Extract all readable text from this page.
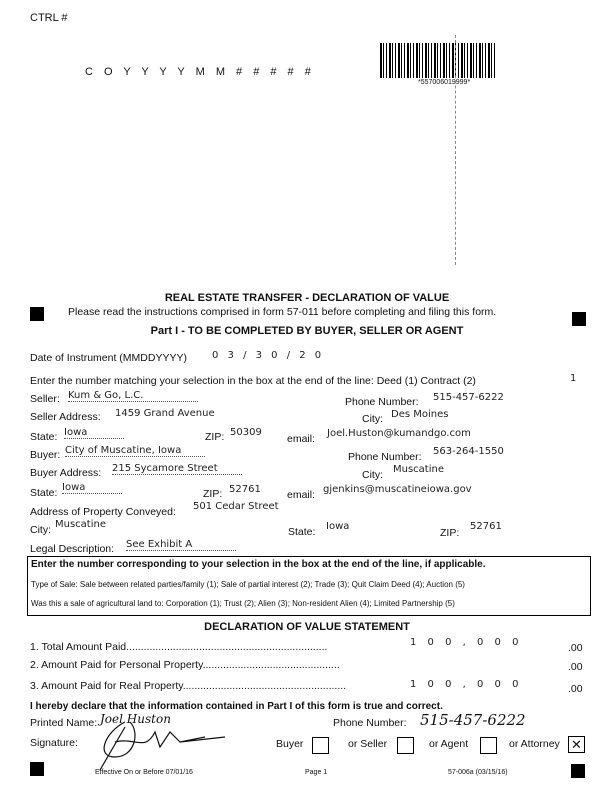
CTRL #
C O Y Y Y Y M M # # # # #
*557006019999*
REAL ESTATE TRANSFER - DECLARATION OF VALUE
Please read the instructions comprised in form 57-011 before completing and filing this form.
Part I - TO BE COMPLETED BY BUYER, SELLER OR AGENT
Date of Instrument (MMDDYYYY)	0 3 / 3 0 / 2 0
Enter the number matching your selection in the box at the end of the line: Deed (1) Contract (2)	1
Seller: Kum & Go, L.C.
Phone Number: 515-457-6222
Seller Address: 1459 Grand Avenue	City: Des Moines
State: Iowa	ZIP: 50309
email: Joel.Huston@kumandgo.com
Buyer: City of Muscatine, Iowa
Phone Number: 563-264-1550
Buyer Address: 215 Sycamore Street
City: Muscatine
State: Iowa
ZIP: 52761 email: gjenkins@muscatineiowa.gov
Address of Property Conveyed: 501 Cedar Street
City: Muscatine
State: Iowa
ZIP:
52761
Legal Description: See Exhibit A
Enter the number corresponding to your selection in the box at the end of the line, if applicable.
Type of Sale: Sale between related parties/family (1); Sale of partial interest (2); Trade (3); Quit Claim Deed (4); Auction (5)
Was this a sale of agricultural land to: Corporation (1); Trust (2); Alien (3); Non-resident Alien (4); Limited Partnership (5)
DECLARATION OF VALUE STATEMENT
1. Total Amount Paid.....................................................................	1 0 0 , 0 0 0	.00
2. Amount Paid for Personal Property...............................................	.00
3. Amount Paid for Real Property........................................................	1 0 0 , 0 0 0	.00
I hereby declare that the information contained in Part I of this form is true and correct.
Printed Name: Joel Huston	Phone Number: 515-457-6222
Signature:	Buyer	or Seller	or Agent	or Attorney ✕
Effective On or Before 07/01/16	Page 1	57-006a (03/15/16)
